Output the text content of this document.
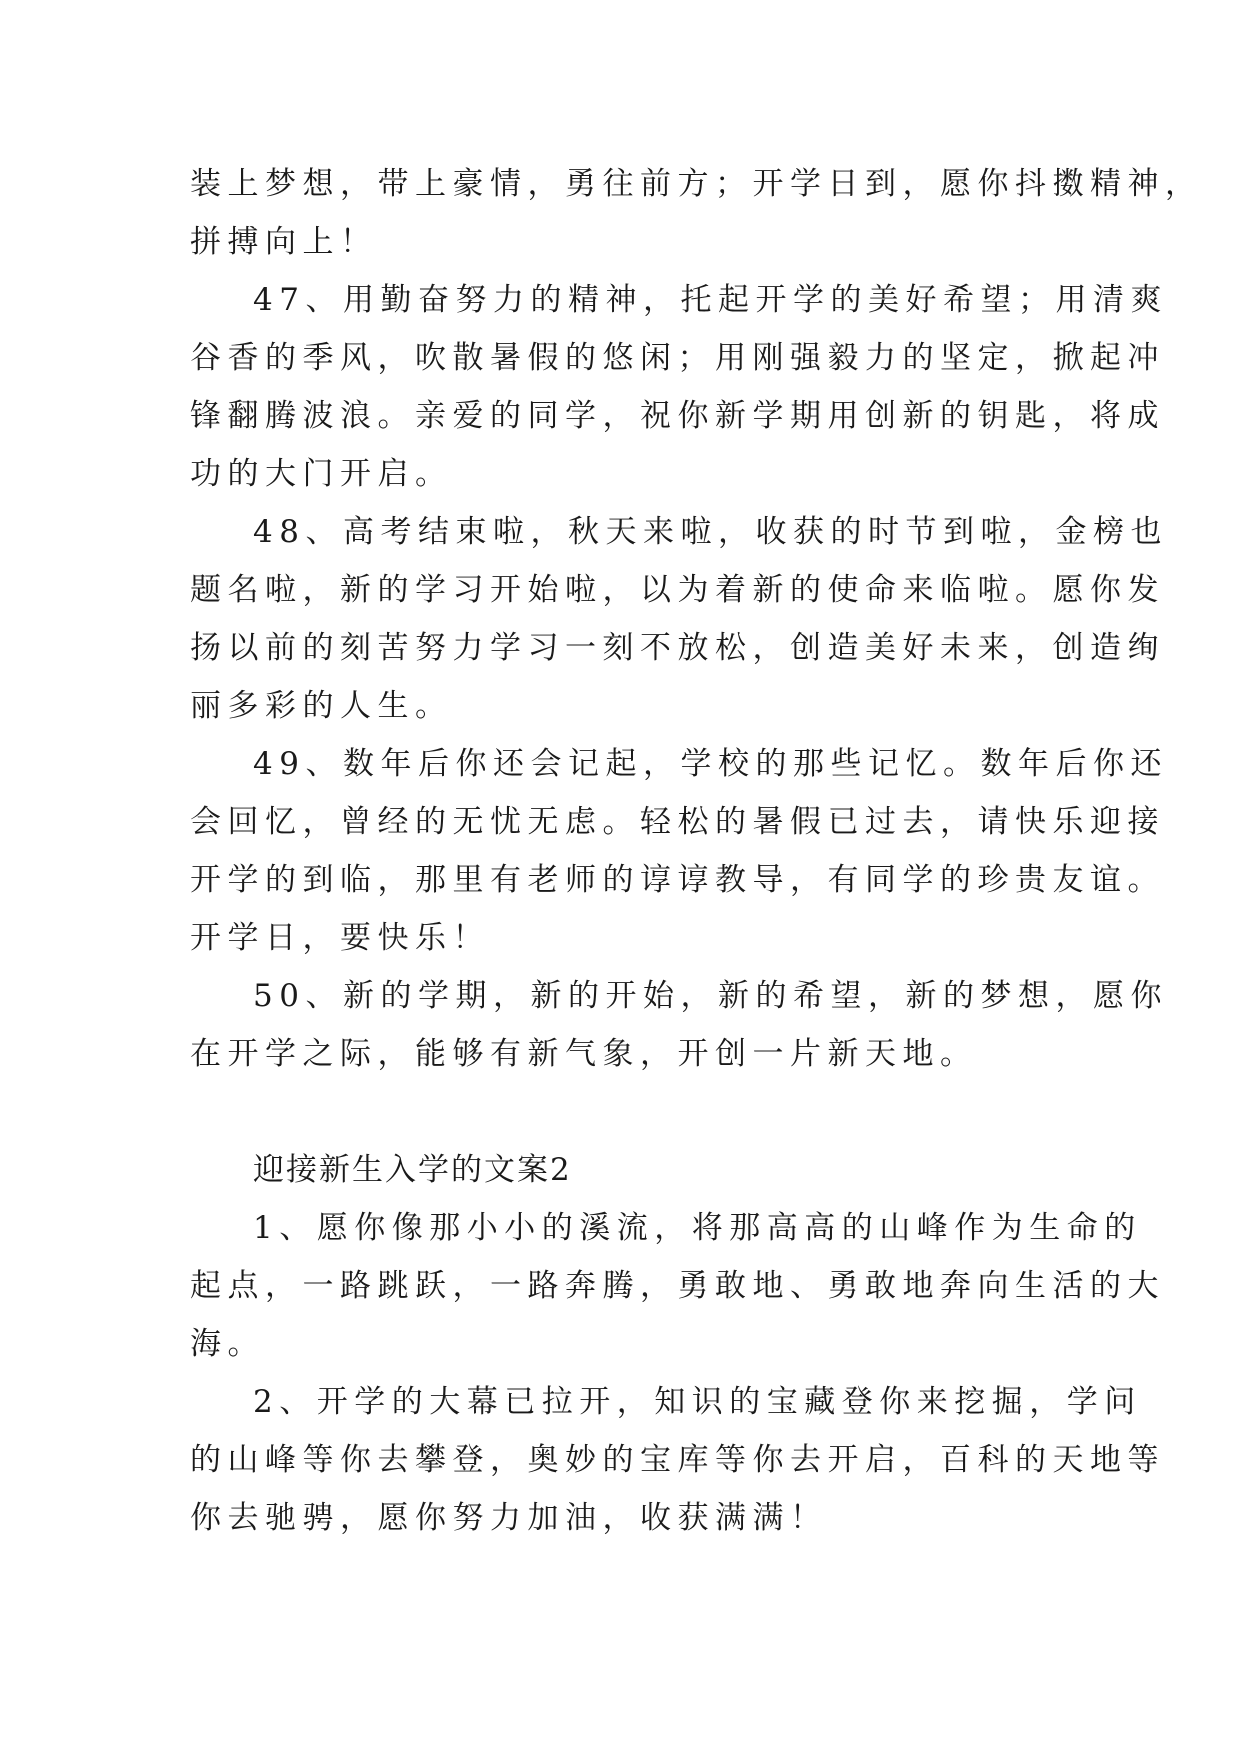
装上梦想，带上豪情，勇往前方；开学日到，愿你抖擞精神，
拼搏向上！
47、用勤奋努力的精神，托起开学的美好希望；用清爽
谷香的季风，吹散暑假的悠闲；用刚强毅力的坚定，掀起冲
锋翻腾波浪。亲爱的同学，祝你新学期用创新的钥匙，将成
功的大门开启。
48、高考结束啦，秋天来啦，收获的时节到啦，金榜也
题名啦，新的学习开始啦，以为着新的使命来临啦。愿你发
扬以前的刻苦努力学习一刻不放松，创造美好未来，创造绚
丽多彩的人生。
49、数年后你还会记起，学校的那些记忆。数年后你还
会回忆，曾经的无忧无虑。轻松的暑假已过去，请快乐迎接
开学的到临，那里有老师的谆谆教导，有同学的珍贵友谊。
开学日，要快乐！
50、新的学期，新的开始，新的希望，新的梦想，愿你
在开学之际，能够有新气象，开创一片新天地。
迎接新生入学的文案2
1、愿你像那小小的溪流，将那高高的山峰作为生命的
起点，一路跳跃，一路奔腾，勇敢地、勇敢地奔向生活的大
海。
2、开学的大幕已拉开，知识的宝藏登你来挖掘，学问
的山峰等你去攀登，奥妙的宝库等你去开启，百科的天地等
你去驰骋，愿你努力加油，收获满满！
